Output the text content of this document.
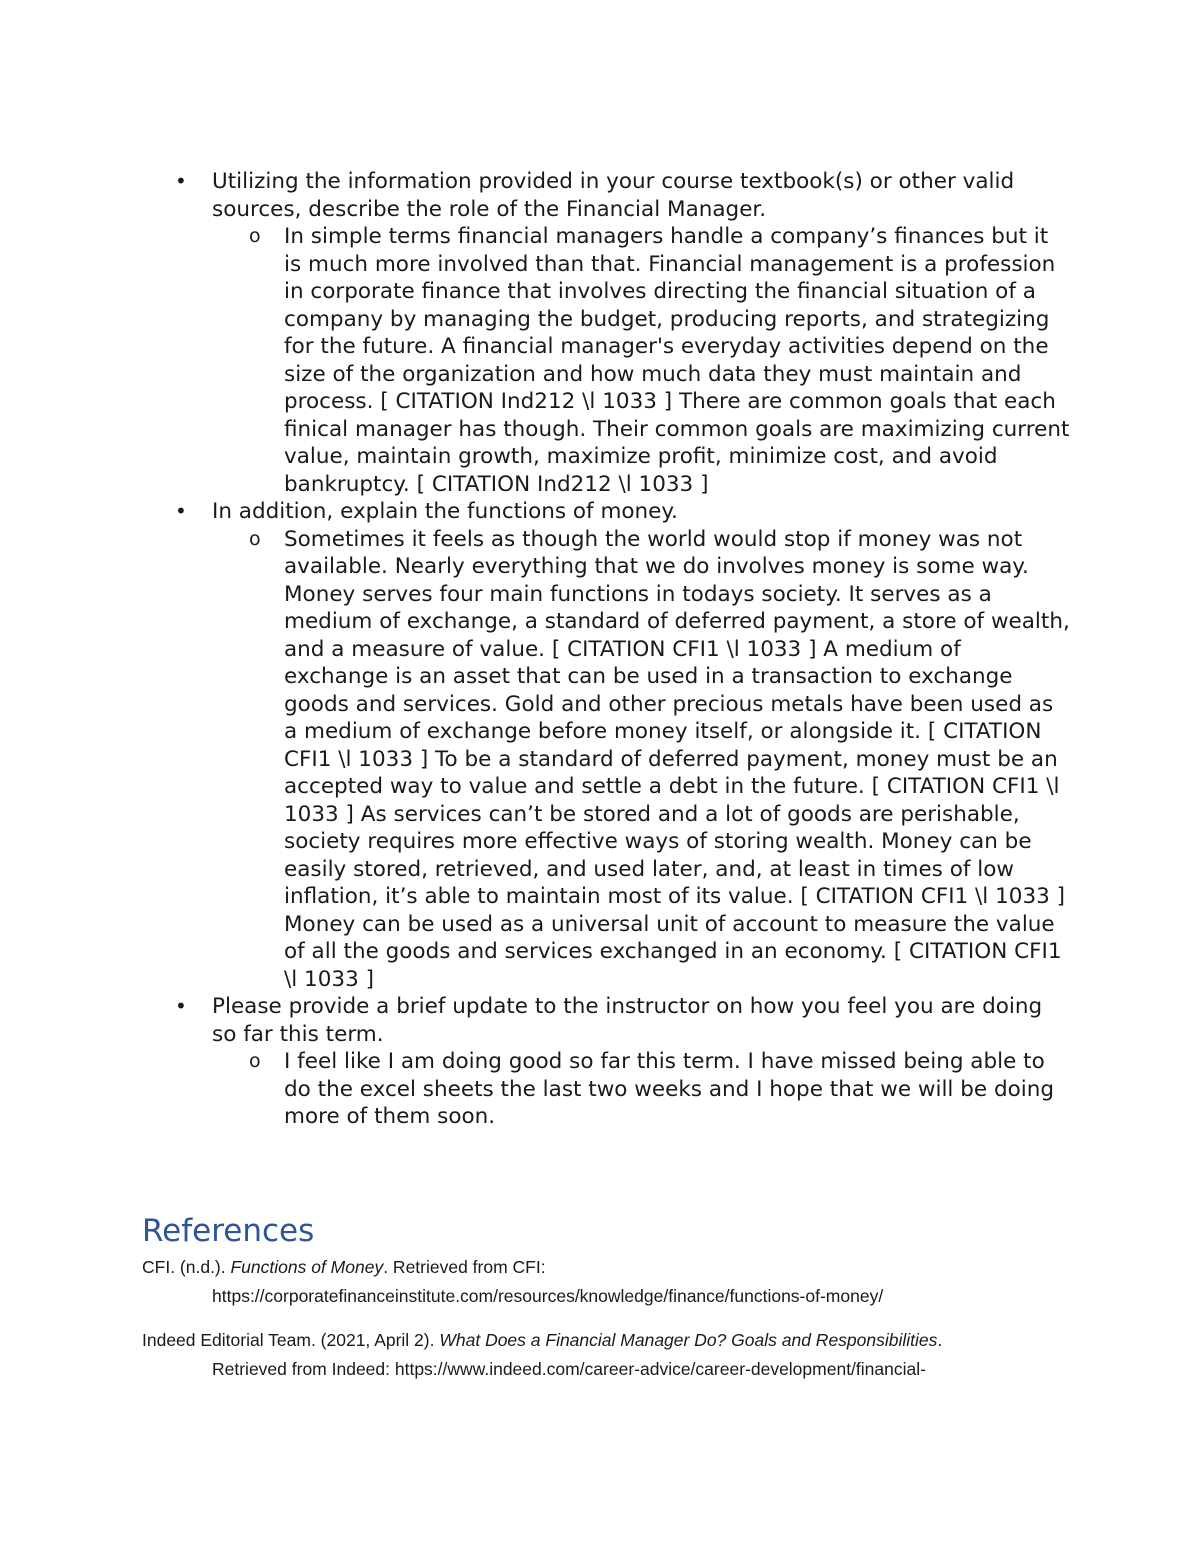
• Utilizing the information provided in your course textbook(s) or other valid sources, describe the role of the Financial Manager.
o In simple terms financial managers handle a company’s finances but it is much more involved than that. Financial management is a profession in corporate finance that involves directing the financial situation of a company by managing the budget, producing reports, and strategizing for the future. A financial manager's everyday activities depend on the size of the organization and how much data they must maintain and process. [ CITATION Ind212 \l 1033 ] There are common goals that each finical manager has though. Their common goals are maximizing current value, maintain growth, maximize profit, minimize cost, and avoid bankruptcy. [ CITATION Ind212 \l 1033 ]
• In addition, explain the functions of money.
o Sometimes it feels as though the world would stop if money was not available. Nearly everything that we do involves money is some way. Money serves four main functions in todays society. It serves as a medium of exchange, a standard of deferred payment, a store of wealth, and a measure of value. [ CITATION CFI1 \l 1033 ] A medium of exchange is an asset that can be used in a transaction to exchange goods and services. Gold and other precious metals have been used as a medium of exchange before money itself, or alongside it. [ CITATION CFI1 \l 1033 ] To be a standard of deferred payment, money must be an accepted way to value and settle a debt in the future. [ CITATION CFI1 \l 1033 ] As services can’t be stored and a lot of goods are perishable, society requires more effective ways of storing wealth. Money can be easily stored, retrieved, and used later, and, at least in times of low inflation, it’s able to maintain most of its value. [ CITATION CFI1 \l 1033 ] Money can be used as a universal unit of account to measure the value of all the goods and services exchanged in an economy. [ CITATION CFI1 \l 1033 ]
• Please provide a brief update to the instructor on how you feel you are doing so far this term.
o I feel like I am doing good so far this term. I have missed being able to do the excel sheets the last two weeks and I hope that we will be doing more of them soon.
References
CFI. (n.d.). Functions of Money. Retrieved from CFI:
https://corporatefinanceinstitute.com/resources/knowledge/finance/functions-of-money/
Indeed Editorial Team. (2021, April 2). What Does a Financial Manager Do? Goals and Responsibilities.
Retrieved from Indeed: https://www.indeed.com/career-advice/career-development/financial-
